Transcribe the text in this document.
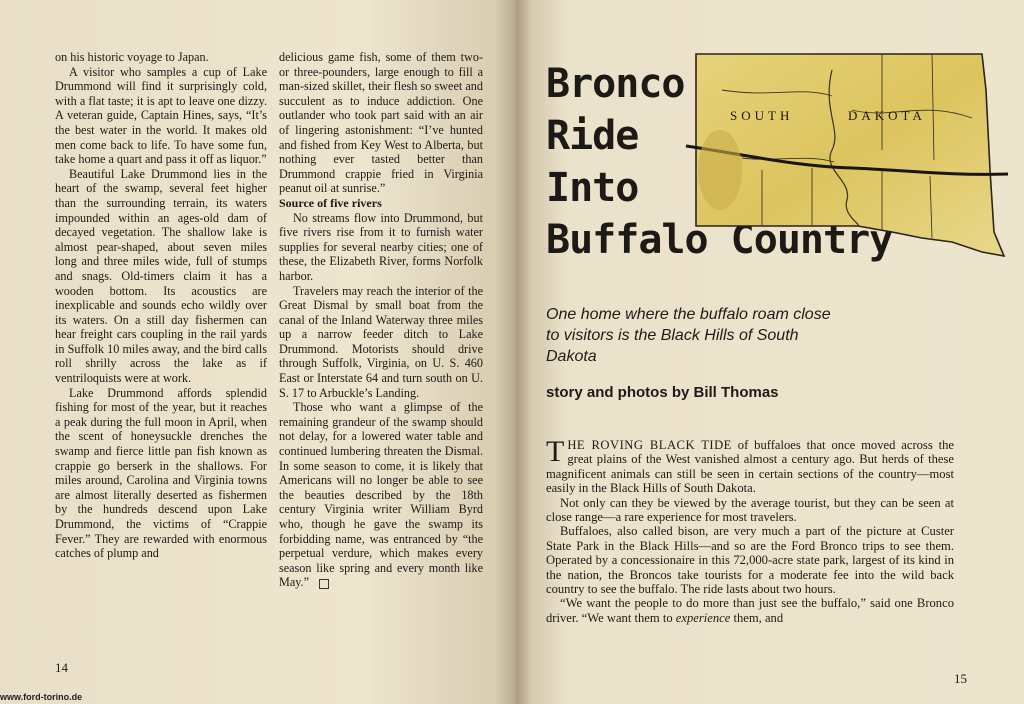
on his historic voyage to Japan.

A visitor who samples a cup of Lake Drummond will find it surprisingly cold, with a flat taste; it is apt to leave one dizzy. A veteran guide, Captain Hines, says, “It’s the best water in the world. It makes old men come back to life. To have some fun, take home a quart and pass it off as liquor.”

Beautiful Lake Drummond lies in the heart of the swamp, several feet higher than the surrounding terrain, its waters impounded within an ages-old dam of decayed vegetation. The shallow lake is almost pear-shaped, about seven miles long and three miles wide, full of stumps and snags. Old-timers claim it has a wooden bottom. Its acoustics are inexplicable and sounds echo wildly over its waters. On a still day fishermen can hear freight cars coupling in the rail yards in Suffolk 10 miles away, and the bird calls roll shrilly across the lake as if ventriloquists were at work.

Lake Drummond affords splendid fishing for most of the year, but it reaches a peak during the full moon in April, when the scent of honeysuckle drenches the swamp and fierce little pan fish known as crappie go berserk in the shallows. For miles around, Carolina and Virginia towns are almost literally deserted as fishermen by the hundreds descend upon Lake Drummond, the victims of “Crappie Fever.” They are rewarded with enormous catches of plump and

delicious game fish, some of them two- or three-pounders, large enough to fill a man-sized skillet, their flesh so sweet and succulent as to induce addiction. One outlander who took part said with an air of lingering astonishment: “I’ve hunted and fished from Key West to Alberta, but nothing ever tasted better than Drummond crappie fried in Virginia peanut oil at sunrise.”

Source of five rivers

No streams flow into Drummond, but five rivers rise from it to furnish water supplies for several nearby cities; one of these, the Elizabeth River, forms Norfolk harbor.

Travelers may reach the interior of the Great Dismal by small boat from the canal of the Inland Waterway three miles up a narrow feeder ditch to Lake Drummond. Motorists should drive through Suffolk, Virginia, on U. S. 460 East or Interstate 64 and turn south on U. S. 17 to Arbuckle’s Landing.

Those who want a glimpse of the remaining grandeur of the swamp should not delay, for a lowered water table and continued lumbering threaten the Dismal. In some season to come, it is likely that Americans will no longer be able to see the beauties described by the 18th century Virginia writer William Byrd who, though he gave the swamp its forbidding name, was entranced by “the perpetual verdure, which makes every season like spring and every month like May.”

14
Bronco
Ride
Into
Buffalo Country
SOUTH	DAKOTA
One home where the buffalo roam close to visitors is the Black Hills of South Dakota
story and photos by Bill Thomas

THE ROVING BLACK TIDE of buffaloes that once moved across the great plains of the West vanished almost a century ago. But herds of these magnificent animals can still be seen in certain sections of the country—most easily in the Black Hills of South Dakota.

Not only can they be viewed by the average tourist, but they can be seen at close range—a rare experience for most travelers.

Buffaloes, also called bison, are very much a part of the picture at Custer State Park in the Black Hills—and so are the Ford Bronco trips to see them. Operated by a concessionaire in this 72,000-acre state park, largest of its kind in the nation, the Broncos take tourists for a moderate fee into the wild back country to see the buffalo. The ride lasts about two hours.

“We want the people to do more than just see the buffalo,” said one Bronco driver. “We want them to experience them, and

15
www.ford-torino.de
